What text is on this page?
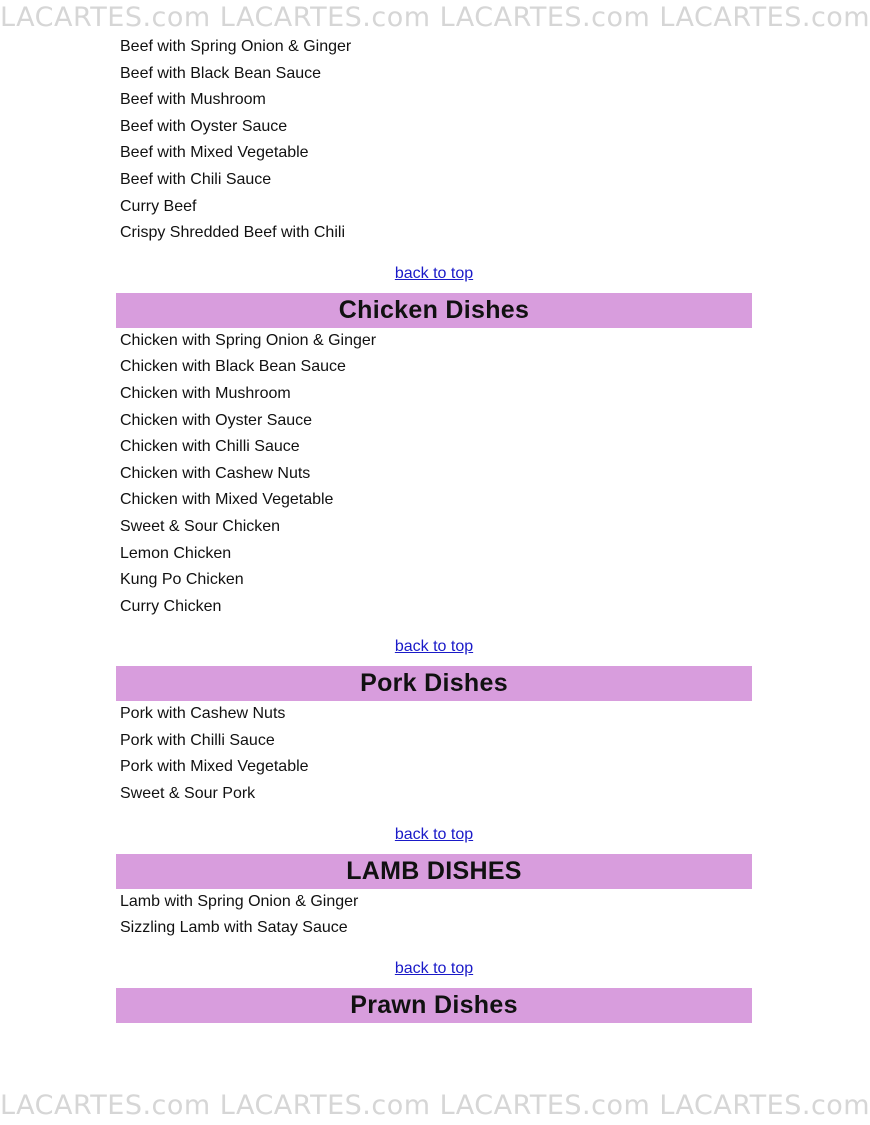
LACARTES.com LACARTES.com LACARTES.com LACARTES.com
Beef with Spring Onion & Ginger
Beef with Black Bean Sauce
Beef with Mushroom
Beef with Oyster Sauce
Beef with Mixed Vegetable
Beef with Chili Sauce
Curry Beef
Crispy Shredded Beef with Chili
back to top
Chicken Dishes
Chicken with Spring Onion & Ginger
Chicken with Black Bean Sauce
Chicken with Mushroom
Chicken with Oyster Sauce
Chicken with Chilli Sauce
Chicken with Cashew Nuts
Chicken with Mixed Vegetable
Sweet & Sour Chicken
Lemon Chicken
Kung Po Chicken
Curry Chicken
back to top
Pork Dishes
Pork with Cashew Nuts
Pork with Chilli Sauce
Pork with Mixed Vegetable
Sweet & Sour Pork
back to top
LAMB DISHES
Lamb with Spring Onion & Ginger
Sizzling Lamb with Satay Sauce
back to top
Prawn Dishes
LACARTES.com LACARTES.com LACARTES.com LACARTES.com
